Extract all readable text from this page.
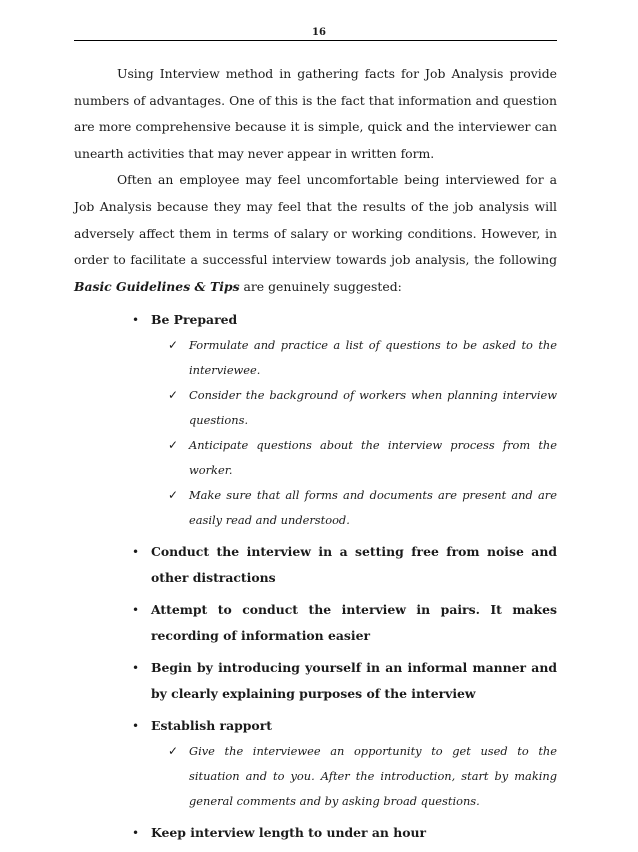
16

Using Interview method in gathering facts for Job Analysis provide numbers of advantages. One of this is the fact that information and question are more comprehensive because it is simple, quick and the interviewer can unearth activities that may never appear in written form.

Often an employee may feel uncomfortable being interviewed for a Job Analysis because they may feel that the results of the job analysis will adversely affect them in terms of salary or working conditions. However, in order to facilitate a successful interview towards job analysis, the following Basic Guidelines & Tips are genuinely suggested:

• Be Prepared
✓ Formulate and practice a list of questions to be asked to the interviewee.
✓ Consider the background of workers when planning interview questions.
✓ Anticipate questions about the interview process from the worker.
✓ Make sure that all forms and documents are present and are easily read and understood.
• Conduct the interview in a setting free from noise and other distractions
• Attempt to conduct the interview in pairs. It makes recording of information easier
• Begin by introducing yourself in an informal manner and by clearly explaining purposes of the interview
• Establish rapport
✓ Give the interviewee an opportunity to get used to the situation and to you. After the introduction, start by making general comments and by asking broad questions.
• Keep interview length to under an hour
